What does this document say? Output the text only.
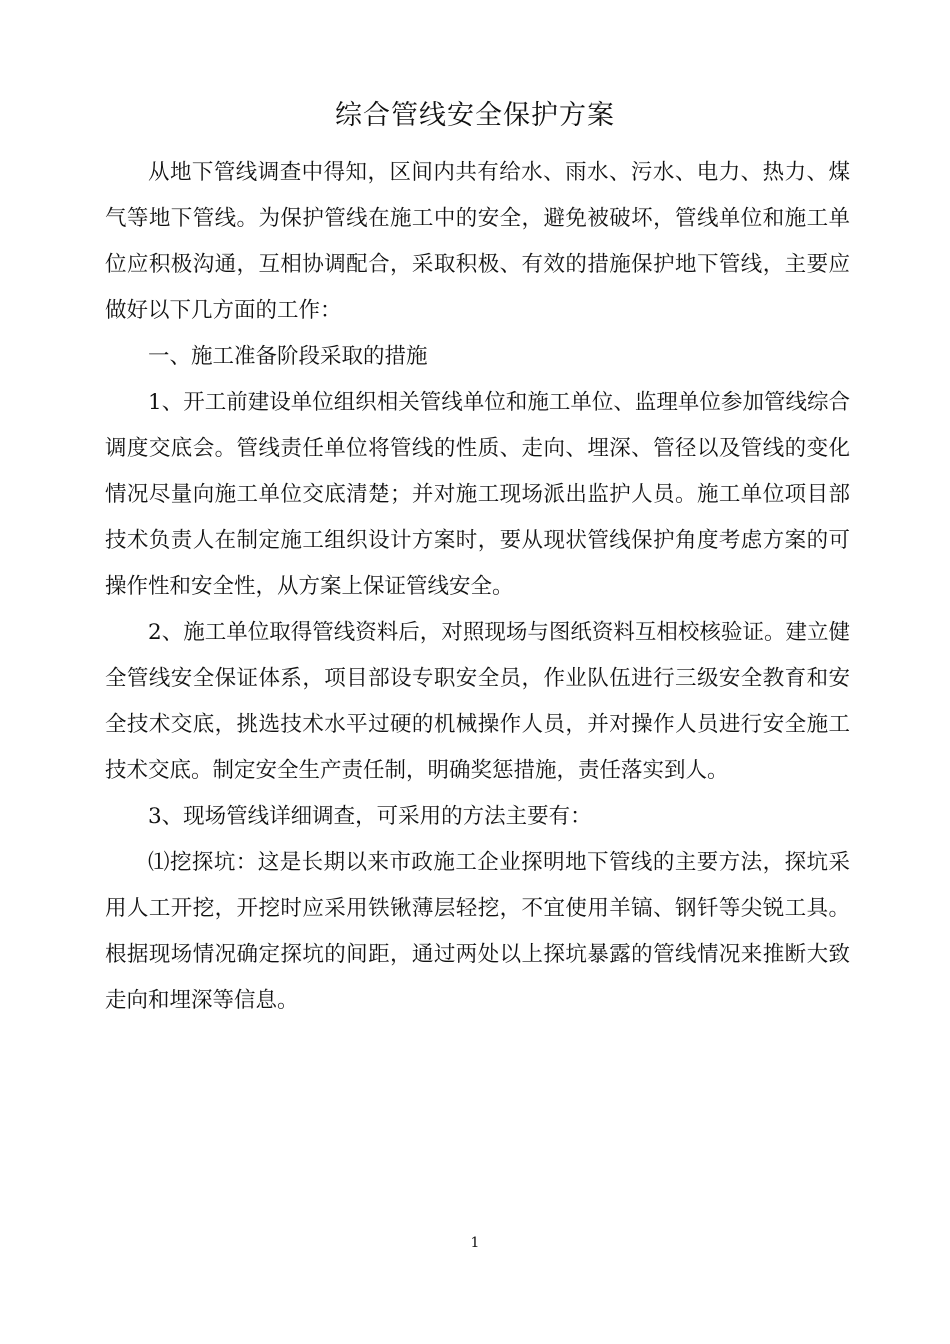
综合管线安全保护方案

从地下管线调查中得知，区间内共有给水、雨水、污水、电力、热力、煤气等地下管线。为保护管线在施工中的安全，避免被破坏，管线单位和施工单位应积极沟通，互相协调配合，采取积极、有效的措施保护地下管线，主要应做好以下几方面的工作：

一、施工准备阶段采取的措施

1、开工前建设单位组织相关管线单位和施工单位、监理单位参加管线综合调度交底会。管线责任单位将管线的性质、走向、埋深、管径以及管线的变化情况尽量向施工单位交底清楚；并对施工现场派出监护人员。施工单位项目部技术负责人在制定施工组织设计方案时，要从现状管线保护角度考虑方案的可操作性和安全性，从方案上保证管线安全。

2、施工单位取得管线资料后，对照现场与图纸资料互相校核验证。建立健全管线安全保证体系，项目部设专职安全员，作业队伍进行三级安全教育和安全技术交底，挑选技术水平过硬的机械操作人员，并对操作人员进行安全施工技术交底。制定安全生产责任制，明确奖惩措施，责任落实到人。

3、现场管线详细调查，可采用的方法主要有：

⑴挖探坑：这是长期以来市政施工企业探明地下管线的主要方法，探坑采用人工开挖，开挖时应采用铁锹薄层轻挖，不宜使用羊镐、钢钎等尖锐工具。根据现场情况确定探坑的间距，通过两处以上探坑暴露的管线情况来推断大致走向和埋深等信息。

1
